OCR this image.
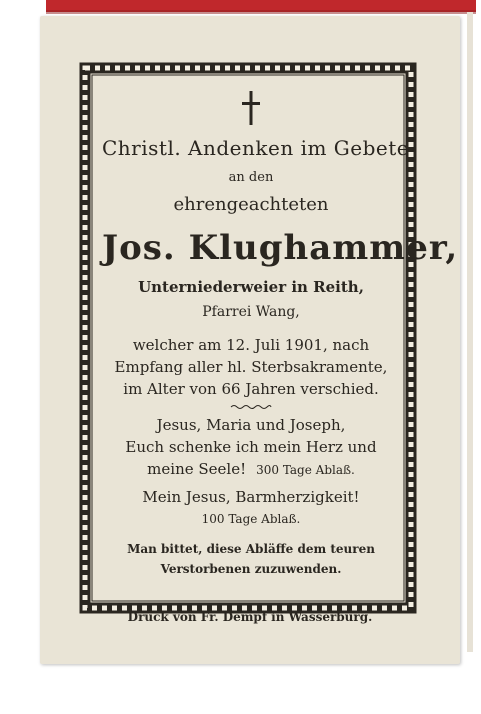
Christl. Andenken im Gebete
an den
ehrengeachteten
Jos. Klughammer,
Unterniederweier in Reith,
Pfarrei Wang,
welcher am 12. Juli 1901, nach
Empfang aller hl. Sterbsakramente,
im Alter von 66 Jahren verschied.
Jesus, Maria und Joseph,
Euch schenke ich mein Herz und
meine Seele! 300 Tage Ablaß.
Mein Jesus, Barmherzigkeit!
100 Tage Ablaß.
Man bittet, diese Abläffe dem teuren
Verstorbenen zuzuwenden.
Druck von Fr. Dempf in Wasserburg.
